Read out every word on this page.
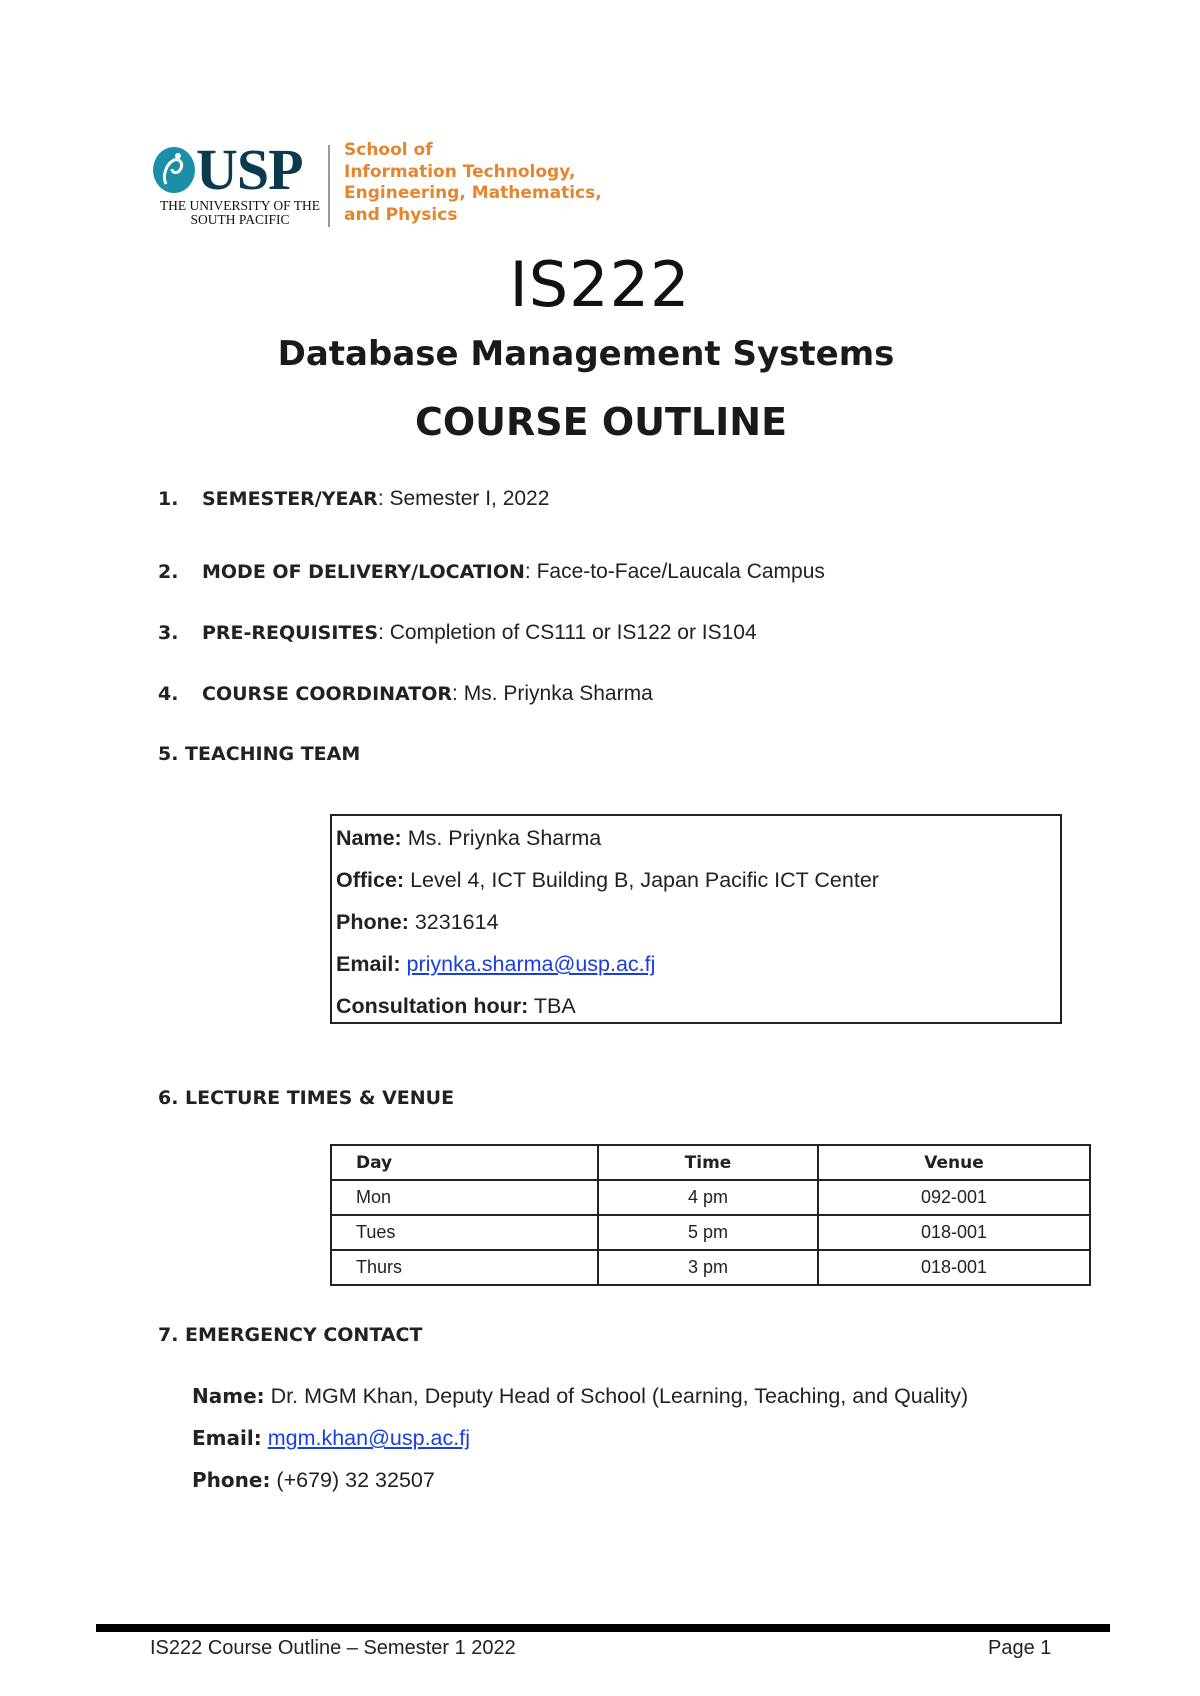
USP
THE UNIVERSITY OF THE
SOUTH PACIFIC
School of
Information Technology,
Engineering, Mathematics,
and Physics
IS222
Database Management Systems
COURSE OUTLINE
1. SEMESTER/YEAR: Semester I, 2022
2. MODE OF DELIVERY/LOCATION: Face-to-Face/Laucala Campus
3. PRE-REQUISITES: Completion of CS111 or IS122 or IS104
4. COURSE COORDINATOR: Ms. Priynka Sharma
5. TEACHING TEAM
Name: Ms. Priynka Sharma
Office: Level 4, ICT Building B, Japan Pacific ICT Center
Phone: 3231614
Email: priynka.sharma@usp.ac.fj
Consultation hour: TBA
6. LECTURE TIMES & VENUE
Day	Time	Venue
Mon	4 pm	092-001
Tues	5 pm	018-001
Thurs	3 pm	018-001
7. EMERGENCY CONTACT
Name: Dr. MGM Khan, Deputy Head of School (Learning, Teaching, and Quality)
Email: mgm.khan@usp.ac.fj
Phone: (+679) 32 32507
IS222 Course Outline – Semester 1 2022	Page 1
